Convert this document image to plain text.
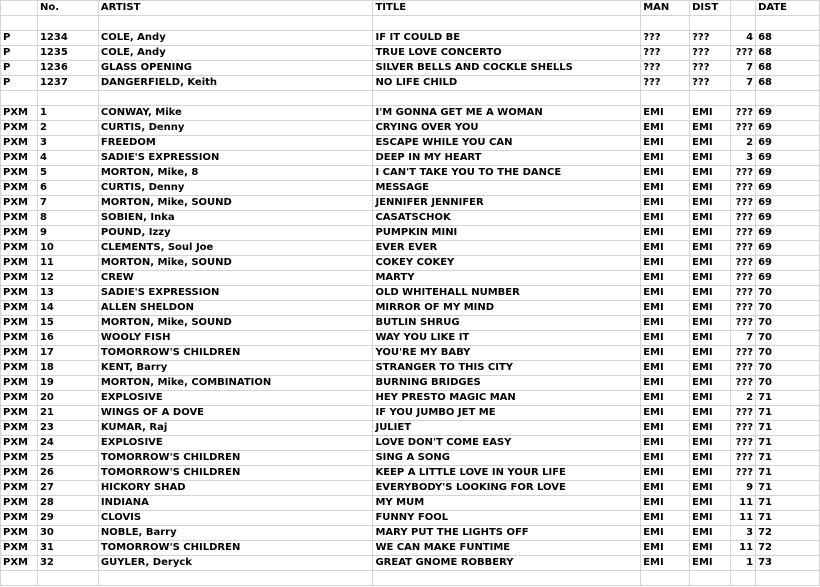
	No.	ARTIST	TITLE	MAN	DIST		DATE

P	1234	COLE, Andy	IF IT COULD BE	???	???	4	68
P	1235	COLE, Andy	TRUE LOVE CONCERTO	???	???	???	68
P	1236	GLASS OPENING	SILVER BELLS AND COCKLE SHELLS	???	???	7	68
P	1237	DANGERFIELD, Keith	NO LIFE CHILD	???	???	7	68

PXM	1	CONWAY, Mike	I'M GONNA GET ME A WOMAN	EMI	EMI	???	69
PXM	2	CURTIS, Denny	CRYING OVER YOU	EMI	EMI	???	69
PXM	3	FREEDOM	ESCAPE WHILE YOU CAN	EMI	EMI	2	69
PXM	4	SADIE'S EXPRESSION	DEEP IN MY HEART	EMI	EMI	3	69
PXM	5	MORTON, Mike, 8	I CAN'T TAKE YOU TO THE DANCE	EMI	EMI	???	69
PXM	6	CURTIS, Denny	MESSAGE	EMI	EMI	???	69
PXM	7	MORTON, Mike, SOUND	JENNIFER JENNIFER	EMI	EMI	???	69
PXM	8	SOBIEN, Inka	CASATSCHOK	EMI	EMI	???	69
PXM	9	POUND, Izzy	PUMPKIN MINI	EMI	EMI	???	69
PXM	10	CLEMENTS, Soul Joe	EVER EVER	EMI	EMI	???	69
PXM	11	MORTON, Mike, SOUND	COKEY COKEY	EMI	EMI	???	69
PXM	12	CREW	MARTY	EMI	EMI	???	69
PXM	13	SADIE'S EXPRESSION	OLD WHITEHALL NUMBER	EMI	EMI	???	70
PXM	14	ALLEN SHELDON	MIRROR OF MY MIND	EMI	EMI	???	70
PXM	15	MORTON, Mike, SOUND	BUTLIN SHRUG	EMI	EMI	???	70
PXM	16	WOOLY FISH	WAY YOU LIKE IT	EMI	EMI	7	70
PXM	17	TOMORROW'S CHILDREN	YOU'RE MY BABY	EMI	EMI	???	70
PXM	18	KENT, Barry	STRANGER TO THIS CITY	EMI	EMI	???	70
PXM	19	MORTON, Mike, COMBINATION	BURNING BRIDGES	EMI	EMI	???	70
PXM	20	EXPLOSIVE	HEY PRESTO MAGIC MAN	EMI	EMI	2	71
PXM	21	WINGS OF A DOVE	IF YOU JUMBO JET ME	EMI	EMI	???	71
PXM	23	KUMAR, Raj	JULIET	EMI	EMI	???	71
PXM	24	EXPLOSIVE	LOVE DON'T COME EASY	EMI	EMI	???	71
PXM	25	TOMORROW'S CHILDREN	SING A SONG	EMI	EMI	???	71
PXM	26	TOMORROW'S CHILDREN	KEEP A LITTLE LOVE IN YOUR LIFE	EMI	EMI	???	71
PXM	27	HICKORY SHAD	EVERYBODY'S LOOKING FOR LOVE	EMI	EMI	9	71
PXM	28	INDIANA	MY MUM	EMI	EMI	11	71
PXM	29	CLOVIS	FUNNY FOOL	EMI	EMI	11	71
PXM	30	NOBLE, Barry	MARY PUT THE LIGHTS OFF	EMI	EMI	3	72
PXM	31	TOMORROW'S CHILDREN	WE CAN MAKE FUNTIME	EMI	EMI	11	72
PXM	32	GUYLER, Deryck	GREAT GNOME ROBBERY	EMI	EMI	1	73
